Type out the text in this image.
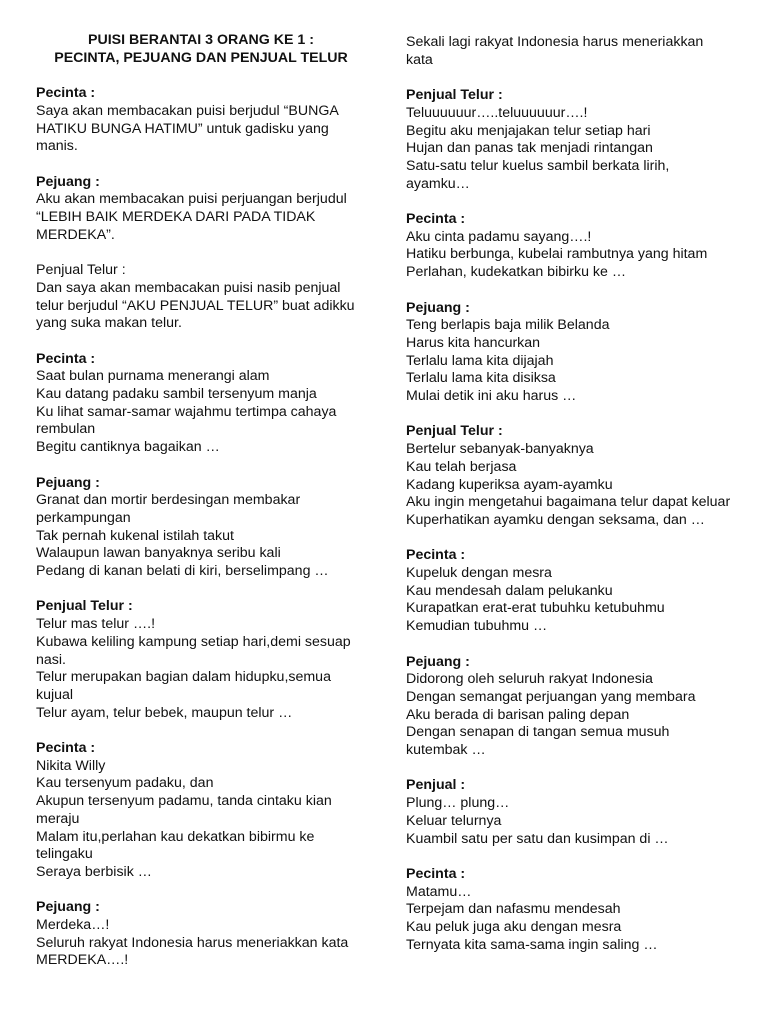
PUISI BERANTAI 3 ORANG KE 1 :
PECINTA, PEJUANG DAN PENJUAL TELUR
Pecinta :
Saya akan membacakan puisi berjudul “BUNGA
HATIKU BUNGA HATIMU” untuk gadisku yang
manis.
Pejuang :
Aku akan membacakan puisi perjuangan berjudul
“LEBIH BAIK MERDEKA DARI PADA TIDAK
MERDEKA”.
Penjual Telur :
Dan saya akan membacakan puisi nasib penjual
telur berjudul “AKU PENJUAL TELUR” buat adikku
yang suka makan telur.
Pecinta :
Saat bulan purnama menerangi alam
Kau datang padaku sambil tersenyum manja
Ku lihat samar-samar wajahmu tertimpa cahaya
rembulan
Begitu cantiknya bagaikan …
Pejuang :
Granat dan mortir berdesingan membakar
perkampungan
Tak pernah kukenal istilah takut
Walaupun lawan banyaknya seribu kali
Pedang di kanan belati di kiri, berselimpang …
Penjual Telur :
Telur mas telur ….!
Kubawa keliling kampung setiap hari,demi sesuap
nasi.
Telur merupakan bagian dalam hidupku,semua
kujual
Telur ayam, telur bebek, maupun telur …
Pecinta :
Nikita Willy
Kau tersenyum padaku, dan
Akupun tersenyum padamu, tanda cintaku kian
meraju
Malam itu,perlahan kau dekatkan bibirmu ke
telingaku
Seraya berbisik …
Pejuang :
Merdeka…!
Seluruh rakyat Indonesia harus meneriakkan kata
MERDEKA….!
Sekali lagi rakyat Indonesia harus meneriakkan
kata
Penjual Telur :
Teluuuuuur…..teluuuuuur….!
Begitu aku menjajakan telur setiap hari
Hujan dan panas tak menjadi rintangan
Satu-satu telur kuelus sambil berkata lirih,
ayamku…
Pecinta :
Aku cinta padamu sayang….!
Hatiku berbunga, kubelai rambutnya yang hitam
Perlahan, kudekatkan bibirku ke …
Pejuang :
Teng berlapis baja milik Belanda
Harus kita hancurkan
Terlalu lama kita dijajah
Terlalu lama kita disiksa
Mulai detik ini aku harus …
Penjual Telur :
Bertelur sebanyak-banyaknya
Kau telah berjasa
Kadang kuperiksa ayam-ayamku
Aku ingin mengetahui bagaimana telur dapat keluar
Kuperhatikan ayamku dengan seksama, dan …
Pecinta :
Kupeluk dengan mesra
Kau mendesah dalam pelukanku
Kurapatkan erat-erat tubuhku ketubuhmu
Kemudian tubuhmu …
Pejuang :
Didorong oleh seluruh rakyat Indonesia
Dengan semangat perjuangan yang membara
Aku berada di barisan paling depan
Dengan senapan di tangan semua musuh
kutembak …
Penjual :
Plung… plung…
Keluar telurnya
Kuambil satu per satu dan kusimpan di …
Pecinta :
Matamu…
Terpejam dan nafasmu mendesah
Kau peluk juga aku dengan mesra
Ternyata kita sama-sama ingin saling …
